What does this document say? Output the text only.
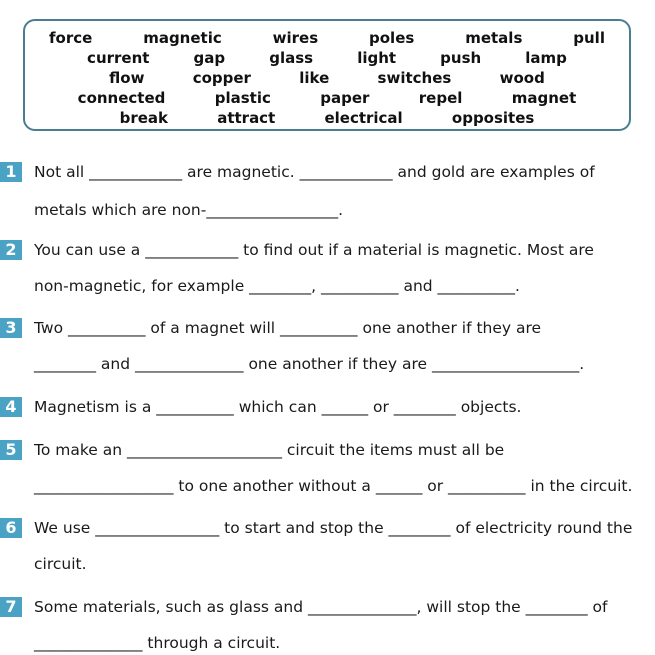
force	magnetic	wires	poles	metals	pull
current	gap	glass	light	push	lamp
flow	copper	like	switches	wood
connected	plastic	paper	repel	magnet
break	attract	electrical	opposites
1	Not all ____________ are magnetic. ____________ and gold are examples of
metals which are non-_________________.
2	You can use a ____________ to find out if a material is magnetic. Most are
non-magnetic, for example ________, __________ and __________.
3	Two __________ of a magnet will __________ one another if they are
________ and ______________ one another if they are ___________________.
4	Magnetism is a __________ which can ______ or ________ objects.
5	To make an ____________________ circuit the items must all be
__________________ to one another without a ______ or __________ in the circuit.
6	We use ________________ to start and stop the ________ of electricity round the
circuit.
7	Some materials, such as glass and ______________, will stop the ________ of
______________ through a circuit.
